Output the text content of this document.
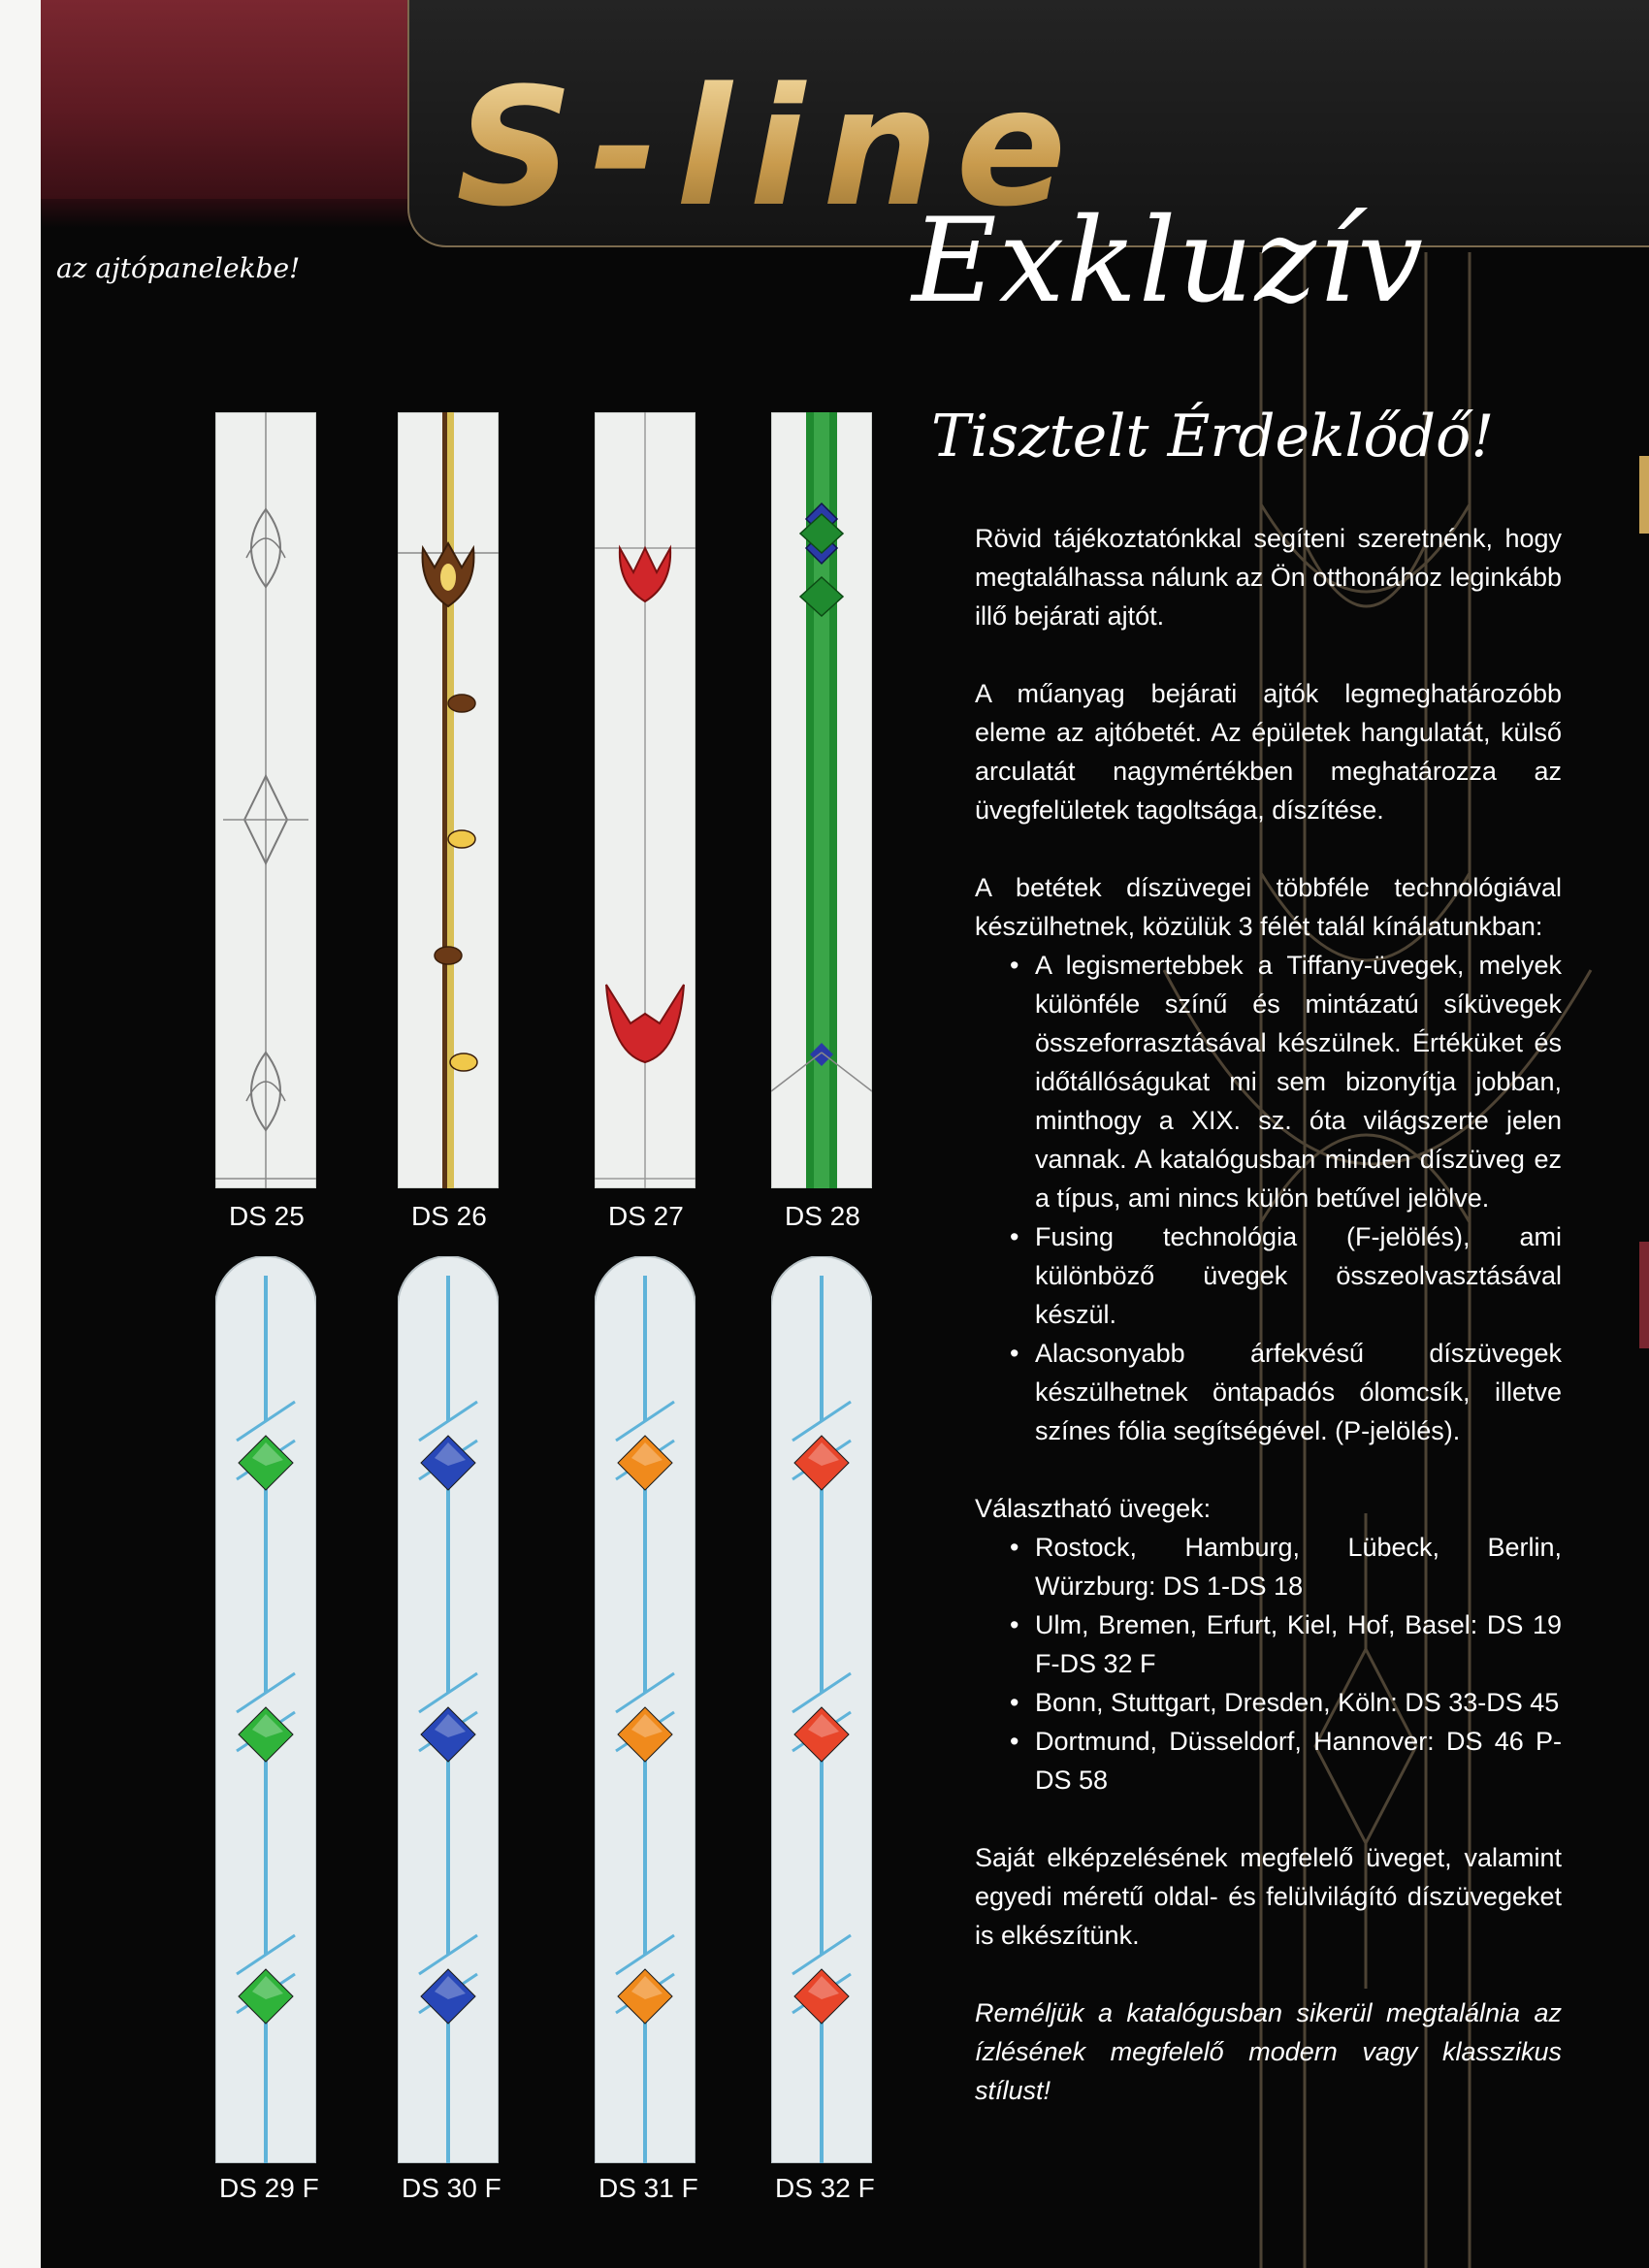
S-line
Exkluzív
az ajtópanelekbe!
Tisztelt Érdeklődő!

Rövid tájékoztatónkkal segíteni szeretnénk, hogy megtalálhassa nálunk az Ön otthonához leginkább illő bejárati ajtót.

A műanyag bejárati ajtók legmeghatározóbb eleme az ajtóbetét. Az épületek hangulatát, külső arculatát nagymértékben meghatározza az üvegfelületek tagoltsága, díszítése.

A betétek díszüvegei többféle technológiával készülhetnek, közülük 3 félét talál kínálatunkban:

• A legismertebbek a Tiffany-üvegek, melyek különféle színű és mintázatú síküvegek összeforrasztásával készülnek. Értéküket és időtállóságukat mi sem bizonyítja jobban, minthogy a XIX. sz. óta világszerte jelen vannak. A katalógusban minden díszüveg ez a típus, ami nincs külön betűvel jelölve.
• Fusing technológia (F-jelölés), ami különböző üvegek összeolvasztásával készül.
• Alacsonyabb árfekvésű díszüvegek készülhetnek öntapadós ólomcsík, illetve színes fólia segítségével. (P-jelölés).

Választható üvegek:

• Rostock, Hamburg, Lübeck, Berlin, Würzburg: DS 1-DS 18
• Ulm, Bremen, Erfurt, Kiel, Hof, Basel: DS 19 F-DS 32 F
• Bonn, Stuttgart, Dresden, Köln: DS 33-DS 45
• Dortmund, Düsseldorf, Hannover: DS 46 P-DS 58

Saját elképzelésének megfelelő üveget, valamint egyedi méretű oldal- és felülvilágító díszüvegeket is elkészítünk.

Reméljük a katalógusban sikerül megtalálnia az ízlésének megfelelő modern vagy klasszikus stílust!

DS 25	DS 26	DS 27	DS 28
DS 29 F	DS 30 F	DS 31 F	DS 32 F
